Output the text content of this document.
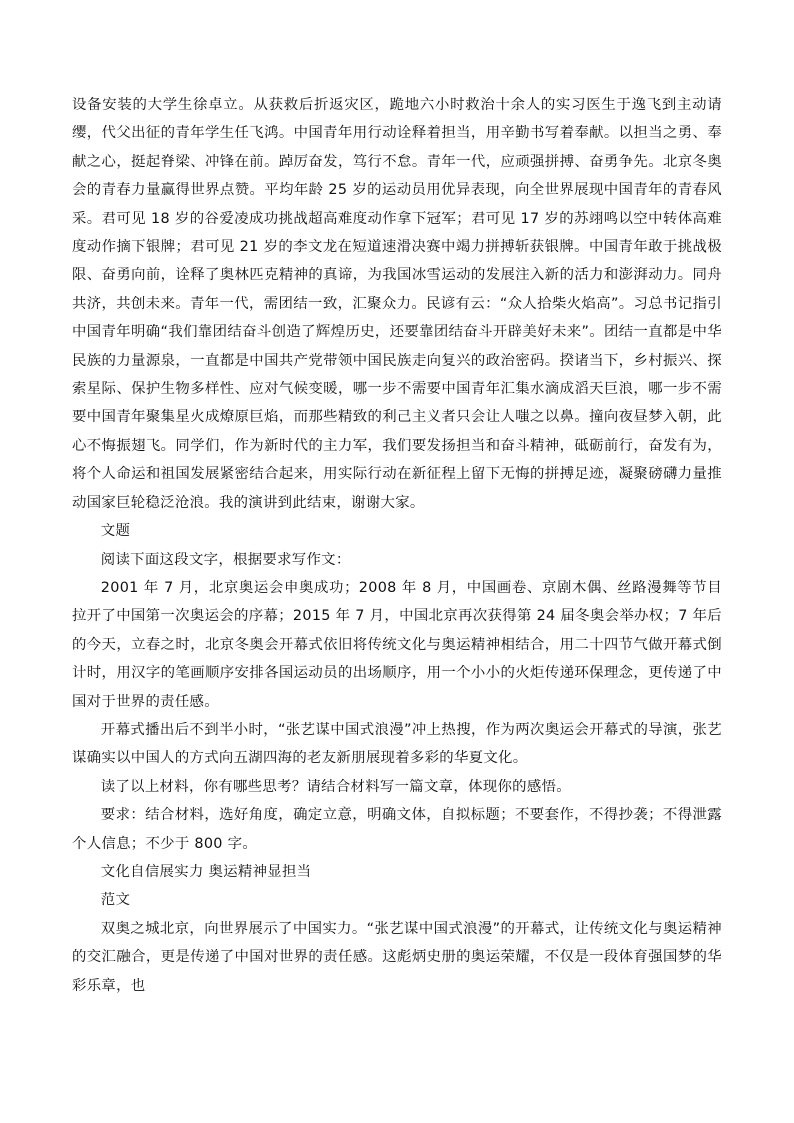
设备安装的大学生徐卓立。从获救后折返灾区，跪地六小时救治十余人的实习医生于逸飞到主动请缨，代父出征的青年学生任飞鸿。中国青年用行动诠释着担当，用辛勤书写着奉献。以担当之勇、奉献之心，挺起脊梁、冲锋在前。踔厉奋发，笃行不怠。青年一代，应顽强拼搏、奋勇争先。北京冬奥会的青春力量赢得世界点赞。平均年龄 25 岁的运动员用优异表现，向全世界展现中国青年的青春风采。君可见 18 岁的谷爱凌成功挑战超高难度动作拿下冠军；君可见 17 岁的苏翊鸣以空中转体高难度动作摘下银牌；君可见 21 岁的李文龙在短道速滑决赛中竭力拼搏斩获银牌。中国青年敢于挑战极限、奋勇向前，诠释了奥林匹克精神的真谛，为我国冰雪运动的发展注入新的活力和澎湃动力。同舟共济，共创未来。青年一代，需团结一致，汇聚众力。民谚有云：“众人拾柴火焰高”。习总书记指引中国青年明确“我们靠团结奋斗创造了辉煌历史，还要靠团结奋斗开辟美好未来”。团结一直都是中华民族的力量源泉，一直都是中国共产党带领中国民族走向复兴的政治密码。揆诸当下，乡村振兴、探索星际、保护生物多样性、应对气候变暖，哪一步不需要中国青年汇集水滴成滔天巨浪，哪一步不需要中国青年聚集星火成燎原巨焰，而那些精致的利己主义者只会让人嗤之以鼻。撞向夜昼梦入朝，此心不悔振翅飞。同学们，作为新时代的主力军，我们要发扬担当和奋斗精神，砥砺前行，奋发有为，将个人命运和祖国发展紧密结合起来，用实际行动在新征程上留下无悔的拼搏足迹，凝聚磅礴力量推动国家巨轮稳泛沧浪。我的演讲到此结束，谢谢大家。

文题

阅读下面这段文字，根据要求写作文：

2001 年 7 月，北京奥运会申奥成功；2008 年 8 月，中国画卷、京剧木偶、丝路漫舞等节目拉开了中国第一次奥运会的序幕；2015 年 7 月，中国北京再次获得第 24 届冬奥会举办权；7 年后的今天，立春之时，北京冬奥会开幕式依旧将传统文化与奥运精神相结合，用二十四节气做开幕式倒计时，用汉字的笔画顺序安排各国运动员的出场顺序，用一个小小的火炬传递环保理念，更传递了中国对于世界的责任感。

开幕式播出后不到半小时，“张艺谋中国式浪漫”冲上热搜，作为两次奥运会开幕式的导演，张艺谋确实以中国人的方式向五湖四海的老友新朋展现着多彩的华夏文化。

读了以上材料，你有哪些思考？请结合材料写一篇文章，体现你的感悟。

要求：结合材料，选好角度，确定立意，明确文体，自拟标题；不要套作，不得抄袭；不得泄露个人信息；不少于 800 字。

文化自信展实力 奥运精神显担当

范文

双奥之城北京，向世界展示了中国实力。“张艺谋中国式浪漫”的开幕式，让传统文化与奥运精神的交汇融合，更是传递了中国对世界的责任感。这彪炳史册的奥运荣耀，不仅是一段体育强国梦的华彩乐章，也
